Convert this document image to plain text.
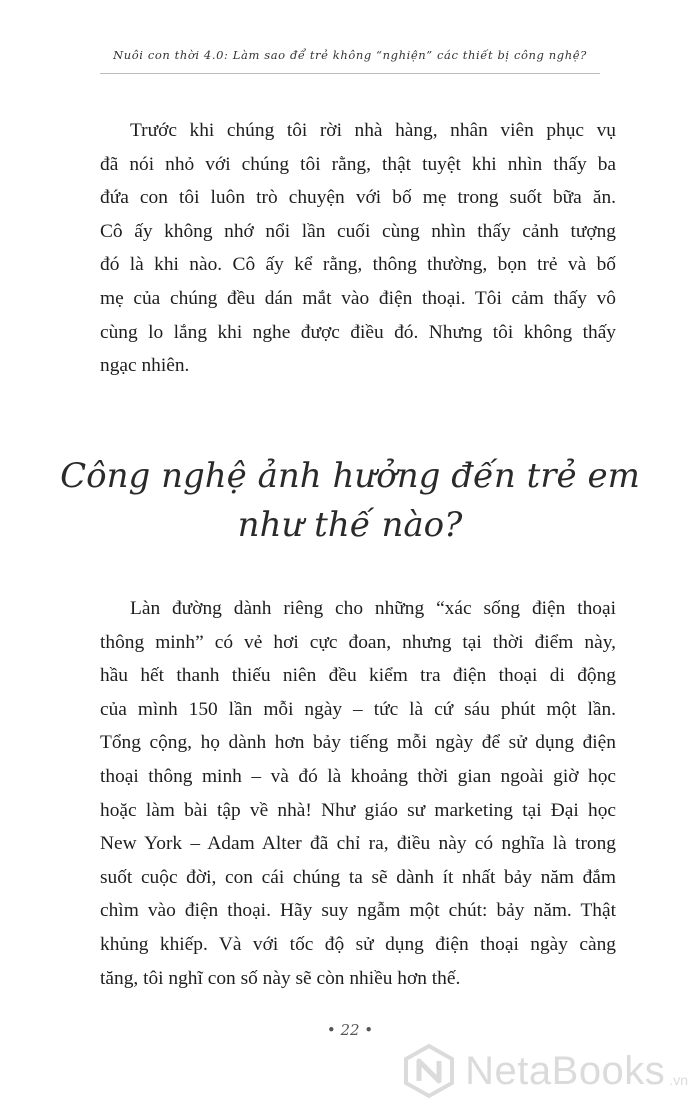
Nuôi con thời 4.0: Làm sao để trẻ không “nghiện” các thiết bị công nghệ?
Trước khi chúng tôi rời nhà hàng, nhân viên phục vụ
đã nói nhỏ với chúng tôi rằng, thật tuyệt khi nhìn thấy ba
đứa con tôi luôn trò chuyện với bố mẹ trong suốt bữa ăn.
Cô ấy không nhớ nổi lần cuối cùng nhìn thấy cảnh tượng
đó là khi nào. Cô ấy kể rằng, thông thường, bọn trẻ và bố
mẹ của chúng đều dán mắt vào điện thoại. Tôi cảm thấy vô
cùng lo lắng khi nghe được điều đó. Nhưng tôi không thấy
ngạc nhiên.
Công nghệ ảnh hưởng đến trẻ em
như thế nào?
Làn đường dành riêng cho những “xác sống điện thoại
thông minh” có vẻ hơi cực đoan, nhưng tại thời điểm này,
hầu hết thanh thiếu niên đều kiểm tra điện thoại di động
của mình 150 lần mỗi ngày – tức là cứ sáu phút một lần.
Tổng cộng, họ dành hơn bảy tiếng mỗi ngày để sử dụng điện
thoại thông minh – và đó là khoảng thời gian ngoài giờ học
hoặc làm bài tập về nhà! Như giáo sư marketing tại Đại học
New York – Adam Alter đã chỉ ra, điều này có nghĩa là trong
suốt cuộc đời, con cái chúng ta sẽ dành ít nhất bảy năm đắm
chìm vào điện thoại. Hãy suy ngẫm một chút: bảy năm. Thật
khủng khiếp. Và với tốc độ sử dụng điện thoại ngày càng
tăng, tôi nghĩ con số này sẽ còn nhiều hơn thế.
• 22 •
NetaBooks .vn
